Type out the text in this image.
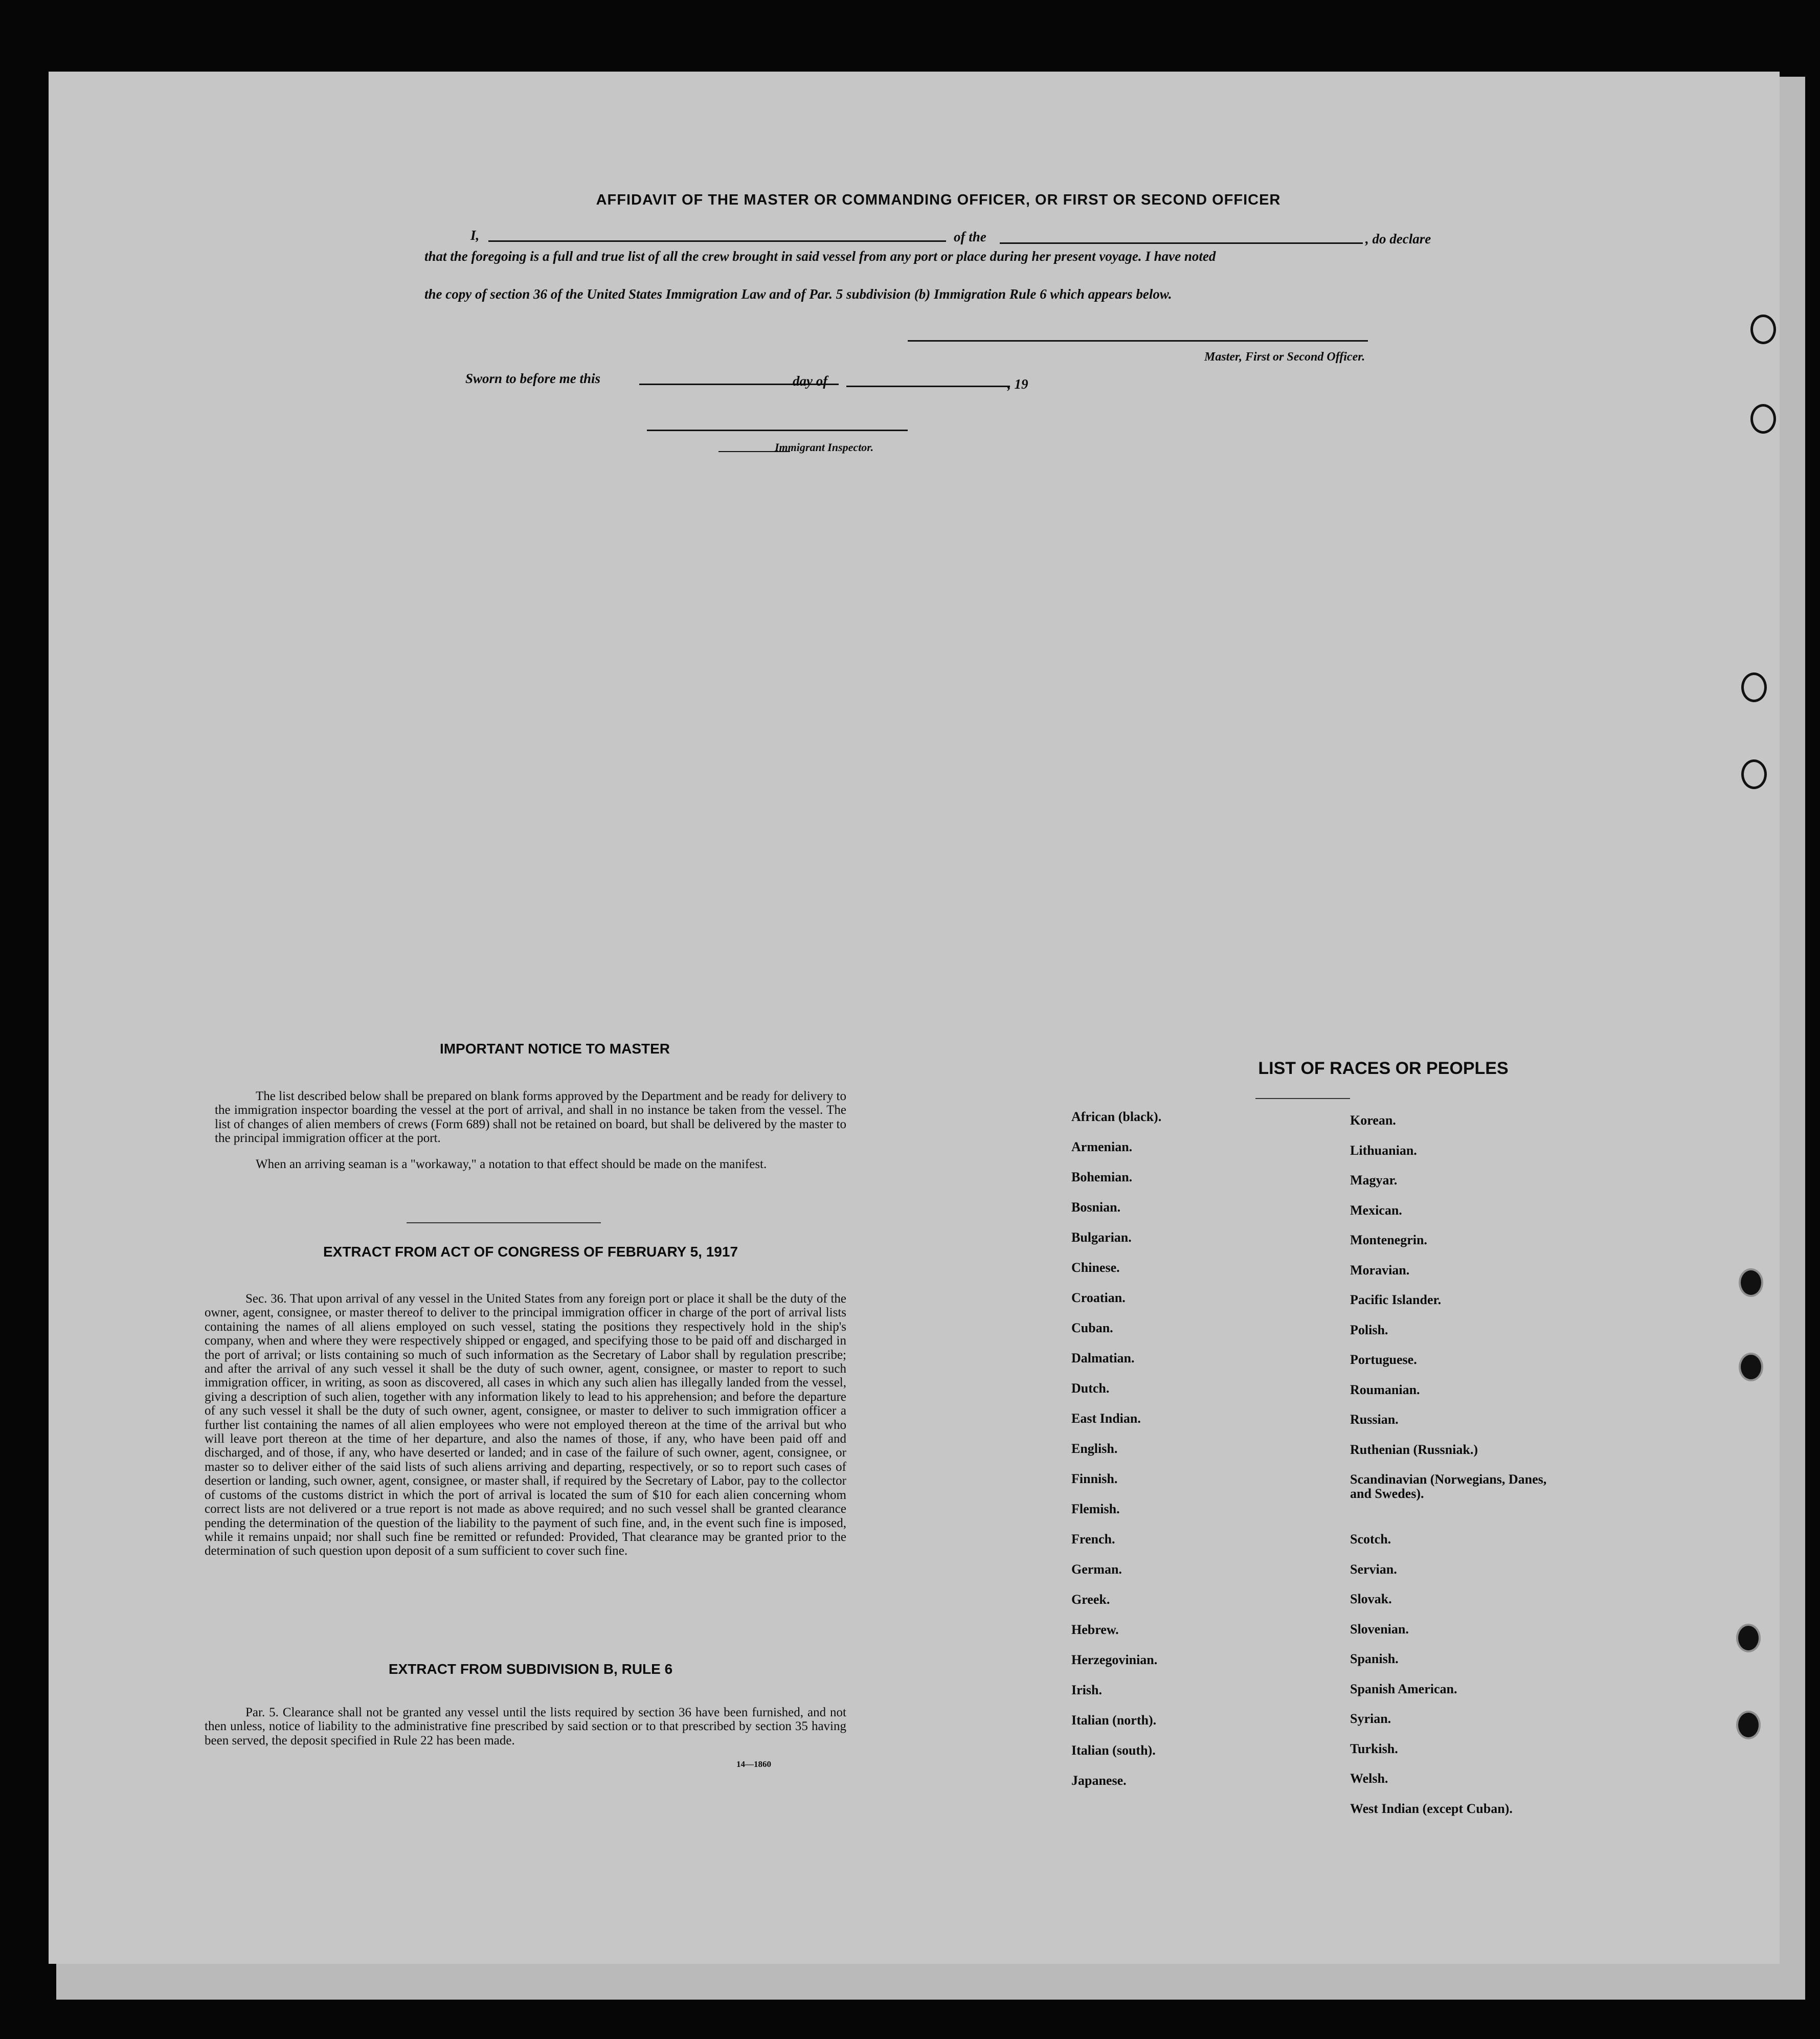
AFFIDAVIT OF THE MASTER OR COMMANDING OFFICER, OR FIRST OR SECOND OFFICER
I,	of the	, do declare
that the foregoing is a full and true list of all the crew brought in said vessel from any port or place during her present voyage. I have noted
the copy of section 36 of the United States Immigration Law and of Par. 5 subdivision (b) Immigration Rule 6 which appears below.
Master, First or Second Officer.
Sworn to before me this	day of	, 19
Immigrant Inspector.
IMPORTANT NOTICE TO MASTER
The list described below shall be prepared on blank forms approved by the Department and be ready for delivery to the immigration inspector boarding the vessel at the port of arrival, and shall in no instance be taken from the vessel. The list of changes of alien members of crews (Form 689) shall not be retained on board, but shall be delivered by the master to the principal immigration officer at the port.
When an arriving seaman is a "workaway," a notation to that effect should be made on the manifest.
EXTRACT FROM ACT OF CONGRESS OF FEBRUARY 5, 1917
Sec. 36. That upon arrival of any vessel in the United States from any foreign port or place it shall be the duty of the owner, agent, consignee, or master thereof to deliver to the principal immigration officer in charge of the port of arrival lists containing the names of all aliens employed on such vessel, stating the positions they respectively hold in the ship's company, when and where they were respectively shipped or engaged, and specifying those to be paid off and discharged in the port of arrival; or lists containing so much of such information as the Secretary of Labor shall by regulation prescribe; and after the arrival of any such vessel it shall be the duty of such owner, agent, consignee, or master to report to such immigration officer, in writing, as soon as discovered, all cases in which any such alien has illegally landed from the vessel, giving a description of such alien, together with any information likely to lead to his apprehension; and before the departure of any such vessel it shall be the duty of such owner, agent, consignee, or master to deliver to such immigration officer a further list containing the names of all alien employees who were not employed thereon at the time of the arrival but who will leave port thereon at the time of her departure, and also the names of those, if any, who have been paid off and discharged, and of those, if any, who have deserted or landed; and in case of the failure of such owner, agent, consignee, or master so to deliver either of the said lists of such aliens arriving and departing, respectively, or so to report such cases of desertion or landing, such owner, agent, consignee, or master shall, if required by the Secretary of Labor, pay to the collector of customs of the customs district in which the port of arrival is located the sum of $10 for each alien concerning whom correct lists are not delivered or a true report is not made as above required; and no such vessel shall be granted clearance pending the determination of the question of the liability to the payment of such fine, and, in the event such fine is imposed, while it remains unpaid; nor shall such fine be remitted or refunded: Provided, That clearance may be granted prior to the determination of such question upon deposit of a sum sufficient to cover such fine.
EXTRACT FROM SUBDIVISION B, RULE 6
Par. 5. Clearance shall not be granted any vessel until the lists required by section 36 have been furnished, and not then unless, notice of liability to the administrative fine prescribed by said section or to that prescribed by section 35 having been served, the deposit specified in Rule 22 has been made.
14—1860
LIST OF RACES OR PEOPLES
African (black).
Armenian.
Bohemian.
Bosnian.
Bulgarian.
Chinese.
Croatian.
Cuban.
Dalmatian.
Dutch.
East Indian.
English.
Finnish.
Flemish.
French.
German.
Greek.
Hebrew.
Herzegovinian.
Irish.
Italian (north).
Italian (south).
Japanese.
Korean.
Lithuanian.
Magyar.
Mexican.
Montenegrin.
Moravian.
Pacific Islander.
Polish.
Portuguese.
Roumanian.
Russian.
Ruthenian (Russniak.)
Scandinavian (Norwegians, Danes, and Swedes).
Scotch.
Servian.
Slovak.
Slovenian.
Spanish.
Spanish American.
Syrian.
Turkish.
Welsh.
West Indian (except Cuban).
